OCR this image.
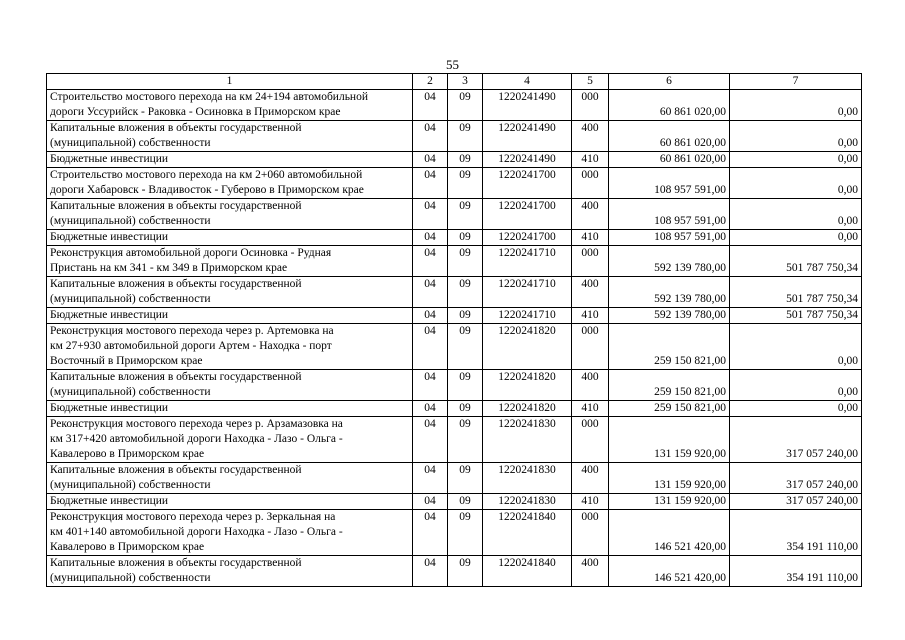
55
1	2	3	4	5	6	7
Строительство мостового перехода на км 24+194 автомобильной
дороги Уссурийск - Раковка - Осиновка в Приморском крае	04	09	1220241490	000	60 861 020,00	0,00
Капитальные вложения в объекты государственной
(муниципальной) собственности	04	09	1220241490	400	60 861 020,00	0,00
Бюджетные инвестиции	04	09	1220241490	410	60 861 020,00	0,00
Строительство мостового перехода на км 2+060 автомобильной
дороги Хабаровск - Владивосток - Губерово в Приморском крае	04	09	1220241700	000	108 957 591,00	0,00
Капитальные вложения в объекты государственной
(муниципальной) собственности	04	09	1220241700	400	108 957 591,00	0,00
Бюджетные инвестиции	04	09	1220241700	410	108 957 591,00	0,00
Реконструкция автомобильной дороги Осиновка - Рудная
Пристань на км 341 - км 349 в Приморском крае	04	09	1220241710	000	592 139 780,00	501 787 750,34
Капитальные вложения в объекты государственной
(муниципальной) собственности	04	09	1220241710	400	592 139 780,00	501 787 750,34
Бюджетные инвестиции	04	09	1220241710	410	592 139 780,00	501 787 750,34
Реконструкция мостового перехода через р. Артемовка на
км 27+930 автомобильной дороги Артем - Находка - порт
Восточный в Приморском крае	04	09	1220241820	000	259 150 821,00	0,00
Капитальные вложения в объекты государственной
(муниципальной) собственности	04	09	1220241820	400	259 150 821,00	0,00
Бюджетные инвестиции	04	09	1220241820	410	259 150 821,00	0,00
Реконструкция мостового перехода через р. Арзамазовка на
км 317+420 автомобильной дороги Находка - Лазо - Ольга -
Кавалерово в Приморском крае	04	09	1220241830	000	131 159 920,00	317 057 240,00
Капитальные вложения в объекты государственной
(муниципальной) собственности	04	09	1220241830	400	131 159 920,00	317 057 240,00
Бюджетные инвестиции	04	09	1220241830	410	131 159 920,00	317 057 240,00
Реконструкция мостового перехода через р. Зеркальная на
км 401+140 автомобильной дороги Находка - Лазо - Ольга -
Кавалерово в Приморском крае	04	09	1220241840	000	146 521 420,00	354 191 110,00
Капитальные вложения в объекты государственной
(муниципальной) собственности	04	09	1220241840	400	146 521 420,00	354 191 110,00
